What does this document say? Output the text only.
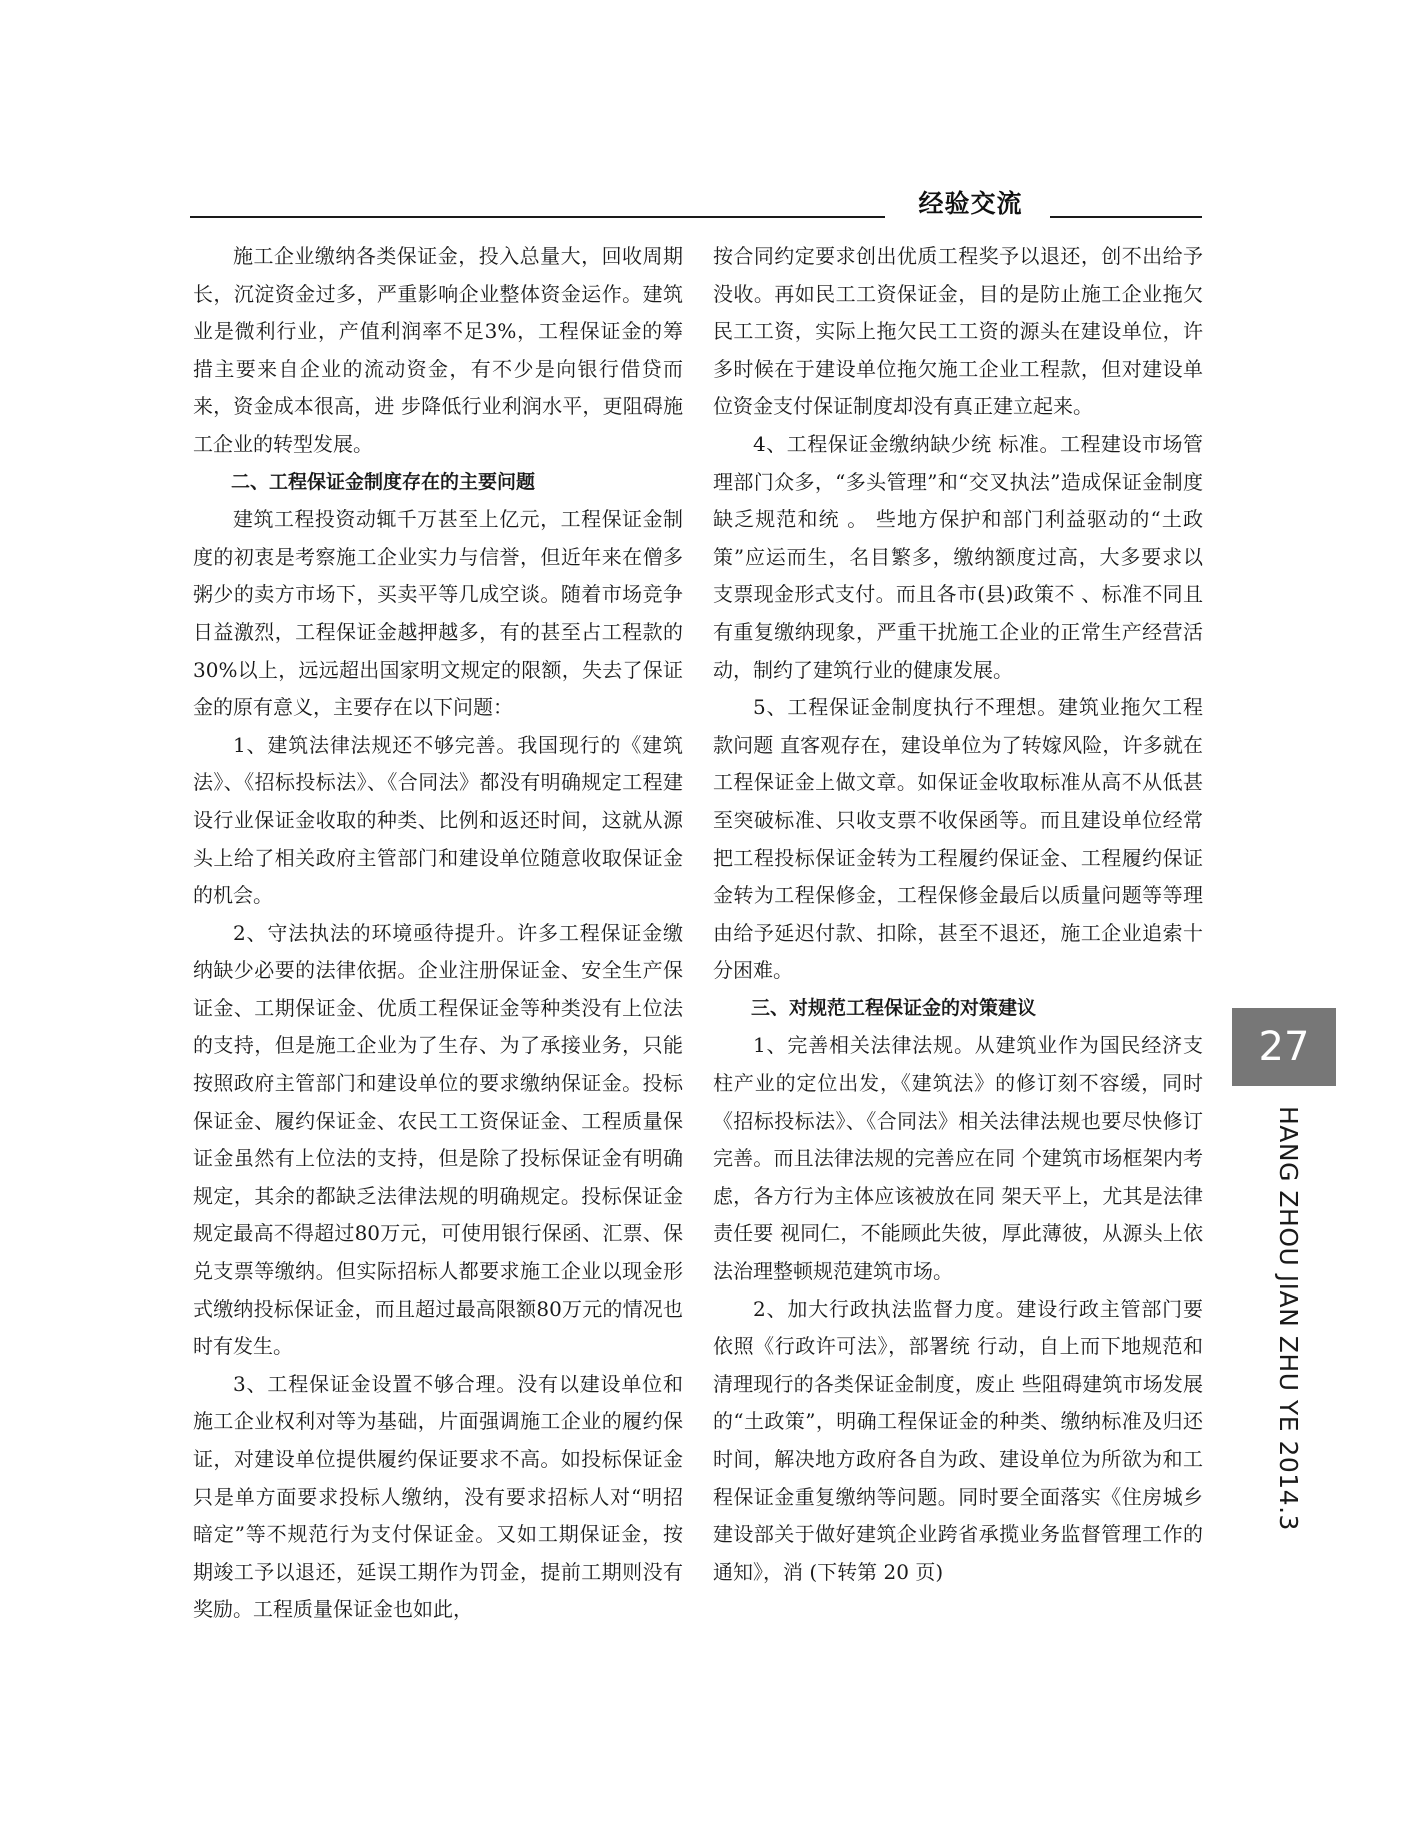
经验交流

施工企业缴纳各类保证金，投入总量大，回收周期长，沉淀资金过多，严重影响企业整体资金运作。建筑业是微利行业，产值利润率不足3%，工程保证金的筹措主要来自企业的流动资金，有不少是向银行借贷而来，资金成本很高，进 步降低行业利润水平，更阻碍施工企业的转型发展。

二、工程保证金制度存在的主要问题

建筑工程投资动辄千万甚至上亿元，工程保证金制度的初衷是考察施工企业实力与信誉，但近年来在僧多粥少的卖方市场下，买卖平等几成空谈。随着市场竞争日益激烈，工程保证金越押越多，有的甚至占工程款的30%以上，远远超出国家明文规定的限额，失去了保证金的原有意义，主要存在以下问题：

1、建筑法律法规还不够完善。我国现行的《建筑法》、《招标投标法》、《合同法》都没有明确规定工程建设行业保证金收取的种类、比例和返还时间，这就从源头上给了相关政府主管部门和建设单位随意收取保证金的机会。

2、守法执法的环境亟待提升。许多工程保证金缴纳缺少必要的法律依据。企业注册保证金、安全生产保证金、工期保证金、优质工程保证金等种类没有上位法的支持，但是施工企业为了生存、为了承接业务，只能按照政府主管部门和建设单位的要求缴纳保证金。投标保证金、履约保证金、农民工工资保证金、工程质量保证金虽然有上位法的支持，但是除了投标保证金有明确规定，其余的都缺乏法律法规的明确规定。投标保证金规定最高不得超过80万元，可使用银行保函、汇票、保兑支票等缴纳。但实际招标人都要求施工企业以现金形式缴纳投标保证金，而且超过最高限额80万元的情况也时有发生。

3、工程保证金设置不够合理。没有以建设单位和施工企业权利对等为基础，片面强调施工企业的履约保证，对建设单位提供履约保证要求不高。如投标保证金只是单方面要求投标人缴纳，没有要求招标人对“明招暗定”等不规范行为支付保证金。又如工期保证金，按期竣工予以退还，延误工期作为罚金，提前工期则没有奖励。工程质量保证金也如此，

按合同约定要求创出优质工程奖予以退还，创不出给予没收。再如民工工资保证金，目的是防止施工企业拖欠民工工资，实际上拖欠民工工资的源头在建设单位，许多时候在于建设单位拖欠施工企业工程款，但对建设单位资金支付保证制度却没有真正建立起来。

4、工程保证金缴纳缺少统 标准。工程建设市场管理部门众多，“多头管理”和“交叉执法”造成保证金制度缺乏规范和统 。 些地方保护和部门利益驱动的“土政策”应运而生，名目繁多，缴纳额度过高，大多要求以支票现金形式支付。而且各市(县)政策不 、标准不同且有重复缴纳现象，严重干扰施工企业的正常生产经营活动，制约了建筑行业的健康发展。

5、工程保证金制度执行不理想。建筑业拖欠工程款问题 直客观存在，建设单位为了转嫁风险，许多就在工程保证金上做文章。如保证金收取标准从高不从低甚至突破标准、只收支票不收保函等。而且建设单位经常把工程投标保证金转为工程履约保证金、工程履约保证金转为工程保修金，工程保修金最后以质量问题等等理由给予延迟付款、扣除，甚至不退还，施工企业追索十分困难。

三、对规范工程保证金的对策建议

1、完善相关法律法规。从建筑业作为国民经济支柱产业的定位出发，《建筑法》的修订刻不容缓，同时《招标投标法》、《合同法》相关法律法规也要尽快修订完善。而且法律法规的完善应在同 个建筑市场框架内考虑，各方行为主体应该被放在同 架天平上，尤其是法律责任要 视同仁，不能顾此失彼，厚此薄彼，从源头上依法治理整顿规范建筑市场。

2、加大行政执法监督力度。建设行政主管部门要依照《行政许可法》，部署统 行动，自上而下地规范和清理现行的各类保证金制度，废止 些阻碍建筑市场发展的“土政策”，明确工程保证金的种类、缴纳标准及归还时间，解决地方政府各自为政、建设单位为所欲为和工程保证金重复缴纳等问题。同时要全面落实《住房城乡建设部关于做好建筑企业跨省承揽业务监督管理工作的通知》，消 (下转第 20 页)

27
HANG ZHOU JIAN ZHU YE 2014.3
